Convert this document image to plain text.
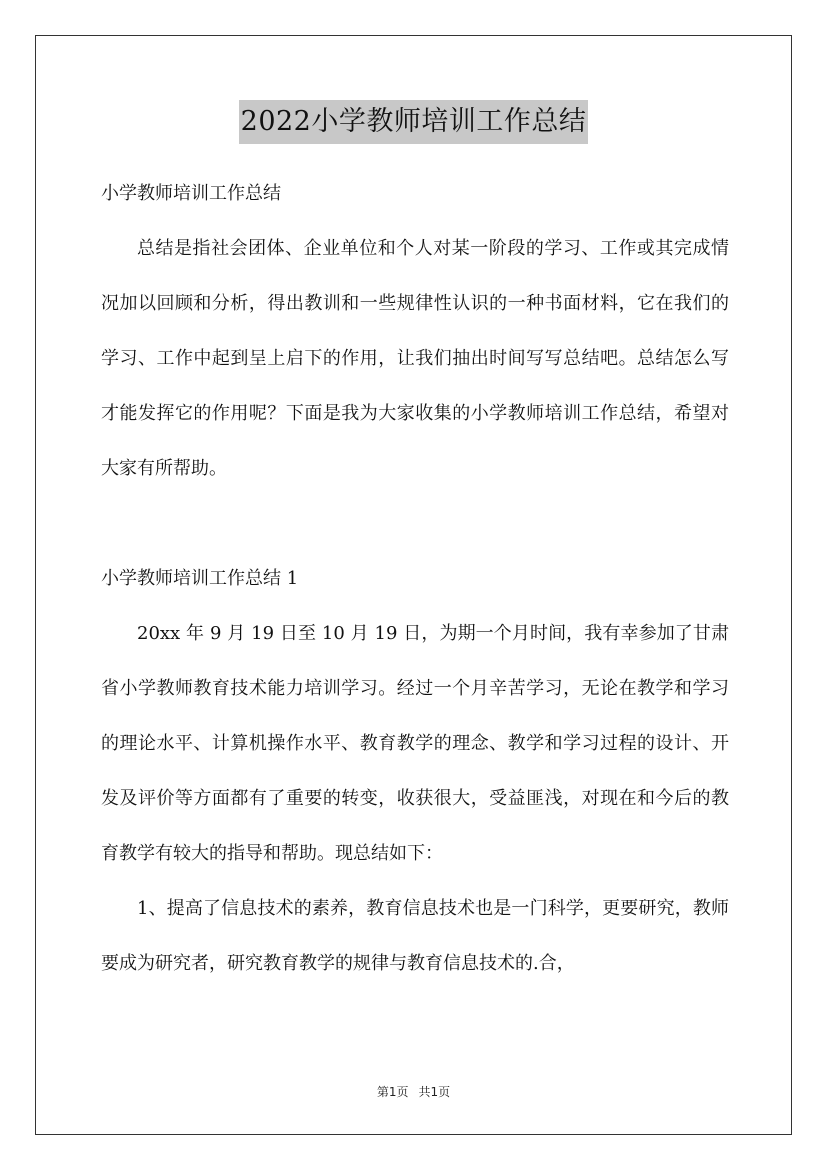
2022小学教师培训工作总结

小学教师培训工作总结

总结是指社会团体、企业单位和个人对某一阶段的学习、工作或其完成情况加以回顾和分析，得出教训和一些规律性认识的一种书面材料，它在我们的学习、工作中起到呈上启下的作用，让我们抽出时间写写总结吧。总结怎么写才能发挥它的作用呢？下面是我为大家收集的小学教师培训工作总结，希望对大家有所帮助。

小学教师培训工作总结 1

20xx 年 9 月 19 日至 10 月 19 日，为期一个月时间，我有幸参加了甘肃省小学教师教育技术能力培训学习。经过一个月辛苦学习，无论在教学和学习的理论水平、计算机操作水平、教育教学的理念、教学和学习过程的设计、开发及评价等方面都有了重要的转变，收获很大，受益匪浅，对现在和今后的教育教学有较大的指导和帮助。现总结如下：

1、提高了信息技术的素养，教育信息技术也是一门科学，更要研究，教师要成为研究者，研究教育教学的规律与教育信息技术的.合，

第1页 共1页
